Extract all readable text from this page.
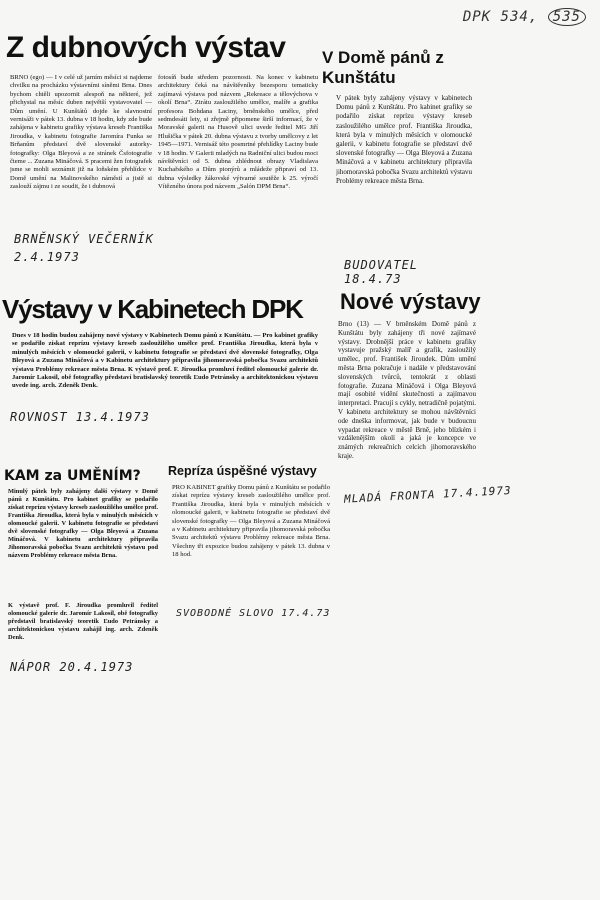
DPK 534, 535
Z dubnových výstav
BRNO (ego) — I v celé už jarním měsíci si najdeme chvilku na procházku výstavními síněmi Brna. Dnes bychom chtěli upozornit alespoň na některé, jež přichystal na měsíc duben největší vystavovatel — Dům umění. U Kunštátů dojde ke slavnostní vernisáži v pátek 13. dubna v 18 hodin, kdy zde bude zahájena v kabinetu grafiky výstava kreseb Františka Jiroudka, v kabinetu fotografie Jaromíra Funka se Brňanům představí dvě slovenské autorky-fotografky: Olga Bleyová a ze stránek Čsfotografie čteme ... Zuzana Mináčová. S pracemi žen fotografek jsme se mohli seznámit již na loňském přehlídce v Domě umění na Malinovského náměstí a jistě si zaslouží zájmu i ze soudit, že i dubnová
fotosíň bude středem pozornosti. Na konec v kabinetu architektury čeká na návštěvníky bezesporu tematicky zajímavá výstava pod názvem „Rekreace a tělovýchova v okolí Brna“. Ztrátu zasloužilého umělce, malíře a grafika profesora Bohdana Laciny, brněnského umělce, před sedmdesáti lety, si zřejmě připomene širší informací, že v Moravské galerii na Husově ulici uvede ředitel MG Jiří Hlušička v pátek 20. dubna výstavu z tvorby umělcovy z let 1945—1971. Vernisáž této posmrtné přehlídky Laciny bude v 18 hodin. V Galerii mladých na Radniční ulici budou moci návštěvníci od 5. dubna zhlédnout obrazy Vladislava Kuchařského a Dům pionýrů a mládeže připraví od 13. dubna výsledky žákovské výtvarné soutěže k 25. výročí Vítězného února pod názvem „Salón DPM Brna“.
BRNĚNSKÝ VEČERNÍK 2.4.1973
V Domě pánů z Kunštátu
V pátek byly zahájeny výstavy v kabinetech Domu pánů z Kunštátu. Pro kabinet grafiky se podařilo získat reprízu výstavy kreseb zasloužilého umělce prof. Františka Jiroudka, která byla v minulých měsících v olomoucké galerii, v kabinetu fotografie se představí dvě slovenské fotografky — Olga Bleyová a Zuzana Mináčová a v kabinetu architektury připravila jihomoravská pobočka Svazu architektů výstavu Problémy rekreace města Brna.
BUDOVATEL 18.4.73
Výstavy v Kabinetech DPK
Dnes v 18 hodin budou zahájeny nové výstavy v Kabinetech Domu pánů z Kunštátu. — Pro kabinet grafiky se podařilo získat reprízu výstavy kreseb zasloužilého umělce prof. Františka Jiroudka, která byla v minulých měsících v olomoucké galerii, v kabinetu fotografie se představí dvě slovenské fotografky, Olga Bleyová a Zuzana Mináčová a v Kabinetu architektury připravila jihomoravská pobočka Svazu architektů výstavu Problémy rekreace města Brna. K výstavě prof. F. Jiroudka promluví ředitel olomoucké galerie dr. Jaromír Lakosil, obě fotografky představí bratislavský teoretik Ľudo Petránsky a architektonickou výstavu uvede ing. arch. Zdeněk Denk.
ROVNOST 13.4.1973
Nové výstavy
Brno (13) — V brněnském Domě pánů z Kunštátu byly zahájeny tři nové zajímavé výstavy. Drobnější práce v kabinetu grafiky vystavuje pražský malíř a grafik, zasloužilý umělec, prof. František Jiroudek. Dům umění města Brna pokračuje i nadále v představování slovenských tvůrců, tentokrát z oblasti fotografie. Zuzana Mináčová i Olga Bleyová mají osobité vidění skutečnosti a zajímavou interpretaci. Pracují s cykly, netradičně pojatými. V kabinetu architektury se mohou návštěvníci ode dneška informovat, jak bude v budoucnu vypadat rekreace v městě Brně, jeho blízkém i vzdálenějším okolí a jaká je koncepce ve známých rekreačních celcích jihomoravského kraje.
MLADÁ FRONTA 17.4.1973
KAM za UMĚNÍM?
Minulý pátek byly zahájeny další výstavy v Domě pánů z Kunštátu. Pro kabinet grafiky se podařilo získat reprízu výstavy kreseb zasloužilého umělce prof. Františka Jiroudka, která byla v minulých měsících v olomoucké galerii. V kabinetu fotografie se představí dvě slovenské fotografky — Olga Bleyová a Zuzana Mináčová. V kabinetu architektury připravila Jihomoravská pobočka Svazu architektů výstavu pod názvem Problémy rekreace města Brna.
K výstavě prof. F. Jiroudka promluvil ředitel olomoucké galerie dr. Jaromír Lakosil, obě fotografky představil bratislavský teoretik Ľudo Petránsky a architektonickou výstavu zahájil ing. arch. Zdeněk Denk.
NÁPOR 20.4.1973
Repríza úspěšné výstavy
PRO KABINET grafiky Domu pánů z Kunštátu se podařilo získat reprízu výstavy kreseb zasloužilého umělce prof. Františka Jiroudka, která byla v minulých měsících v olomoucké galerii, v kabinetu fotografie se představí dvě slovenské fotografky — Olga Bleyová a Zuzana Mináčová a v Kabinetu architektury připravila jihomoravská pobočka Svazu architektů výstavu Problémy rekreace města Brna. Všechny tři expozice budou zahájeny v pátek 13. dubna v 18 hod.
SVOBODNÉ SLOVO 17.4.73
